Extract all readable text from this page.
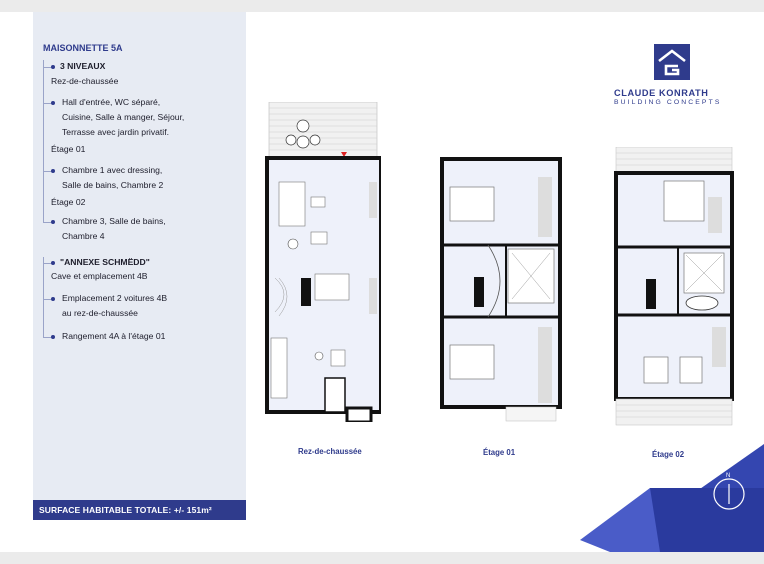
MAISONNETTE 5A
3 NIVEAUX
Rez-de-chaussée
Hall d'entrée, WC séparé,
Cuisine, Salle à manger, Séjour,
Terrasse avec jardin privatif.
Étage 01
Chambre 1 avec dressing,
Salle de bains, Chambre 2
Étage 02
Chambre 3, Salle de bains,
Chambre 4
"ANNEXE SCHMËDD"
Cave et emplacement 4B
Emplacement 2 voitures 4B
au rez-de-chaussée
Rangement 4A à l'étage 01
SURFACE HABITABLE TOTALE: +/- 151m²
CLAUDE KONRATH
BUILDING CONCEPTS
Rez-de-chaussée	Étage 01	Étage 02
N
